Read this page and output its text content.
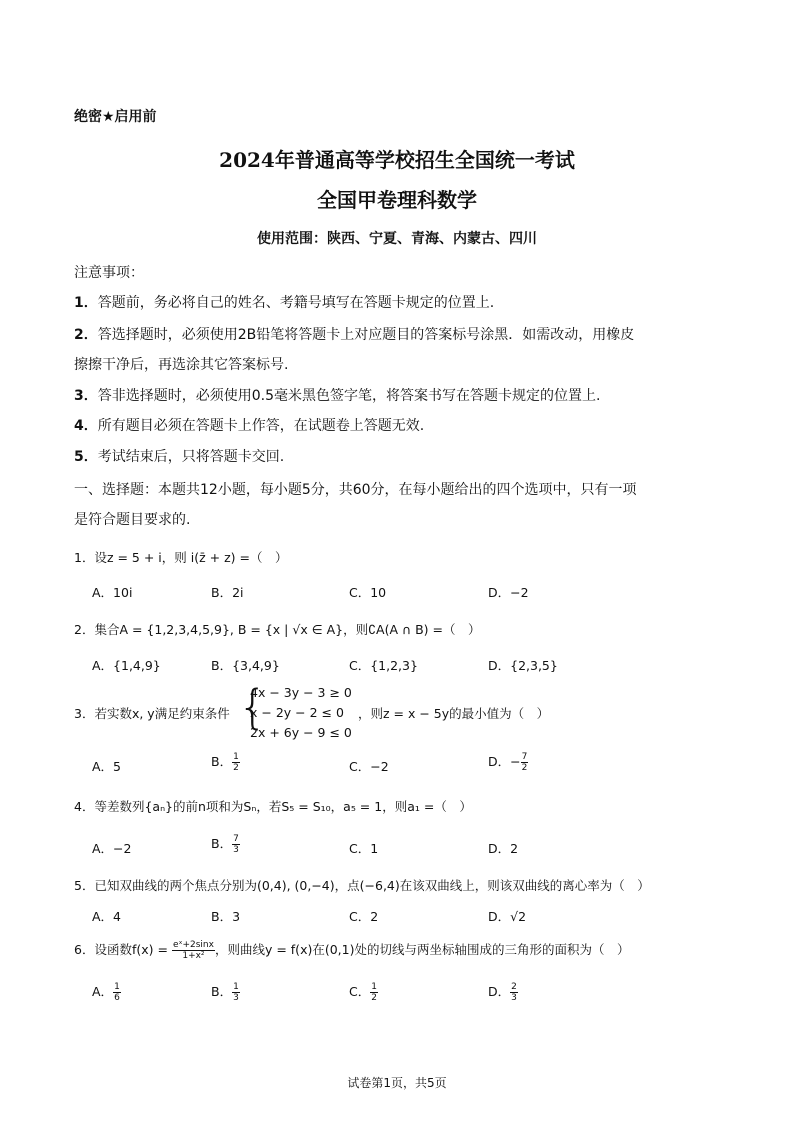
绝密★启用前
2024年普通高等学校招生全国统一考试
全国甲卷理科数学
使用范围：陕西、宁夏、青海、内蒙古、四川
注意事项：
1．答题前，务必将自己的姓名、考籍号填写在答题卡规定的位置上.
2．答选择题时，必须使用2B铅笔将答题卡上对应题目的答案标号涂黑．如需改动，用橡皮
擦擦干净后，再选涂其它答案标号.
3．答非选择题时，必须使用0.5毫米黑色签字笔，将答案书写在答题卡规定的位置上.
4．所有题目必须在答题卡上作答，在试题卷上答题无效.
5．考试结束后，只将答题卡交回.
一、选择题：本题共12小题，每小题5分，共60分，在每小题给出的四个选项中，只有一项
是符合题目要求的.
1．设z = 5 + i，则 i(z̄ + z) =（　）
A．10i	B．2i	C．10	D．−2
2．集合A = {1,2,3,4,5,9}, B = {x | √x ∈ A}，则∁A(A ∩ B) =（　）
A．{1,4,9}	B．{3,4,9}	C．{1,2,3}	D．{2,3,5}
3．若实数x, y满足约束条件 {
4x − 3y − 3 ≥ 0
x − 2y − 2 ≤ 0
2x + 6y − 9 ≤ 0
，则z = x − 5y的最小值为（　）
A．5	B． $\frac{1}{2}$	C．−2	D．− $\frac{7}{2}$
4．等差数列{aₙ}的前n项和为Sₙ，若S₅ = S₁₀，a₅ = 1，则a₁ =（　）
A．−2	B． $\frac{7}{3}$	C．1	D．2
5．已知双曲线的两个焦点分别为(0,4), (0,−4)，点(−6,4)在该双曲线上，则该双曲线的离心率为（　）
A．4	B．3	C．2	D．√2
6．设函数$f(x) = \frac{\text{eˣ+2sinx}}{\text{1+x²}}$ ，则曲线y = f(x)在(0,1)处的切线与两坐标轴围成的三角形的面积为（　）
A． $\frac{1}{6}$	B． $\frac{1}{3}$	C． $\frac{1}{2}$	D． $\frac{2}{3}$
试卷第1页，共5页
